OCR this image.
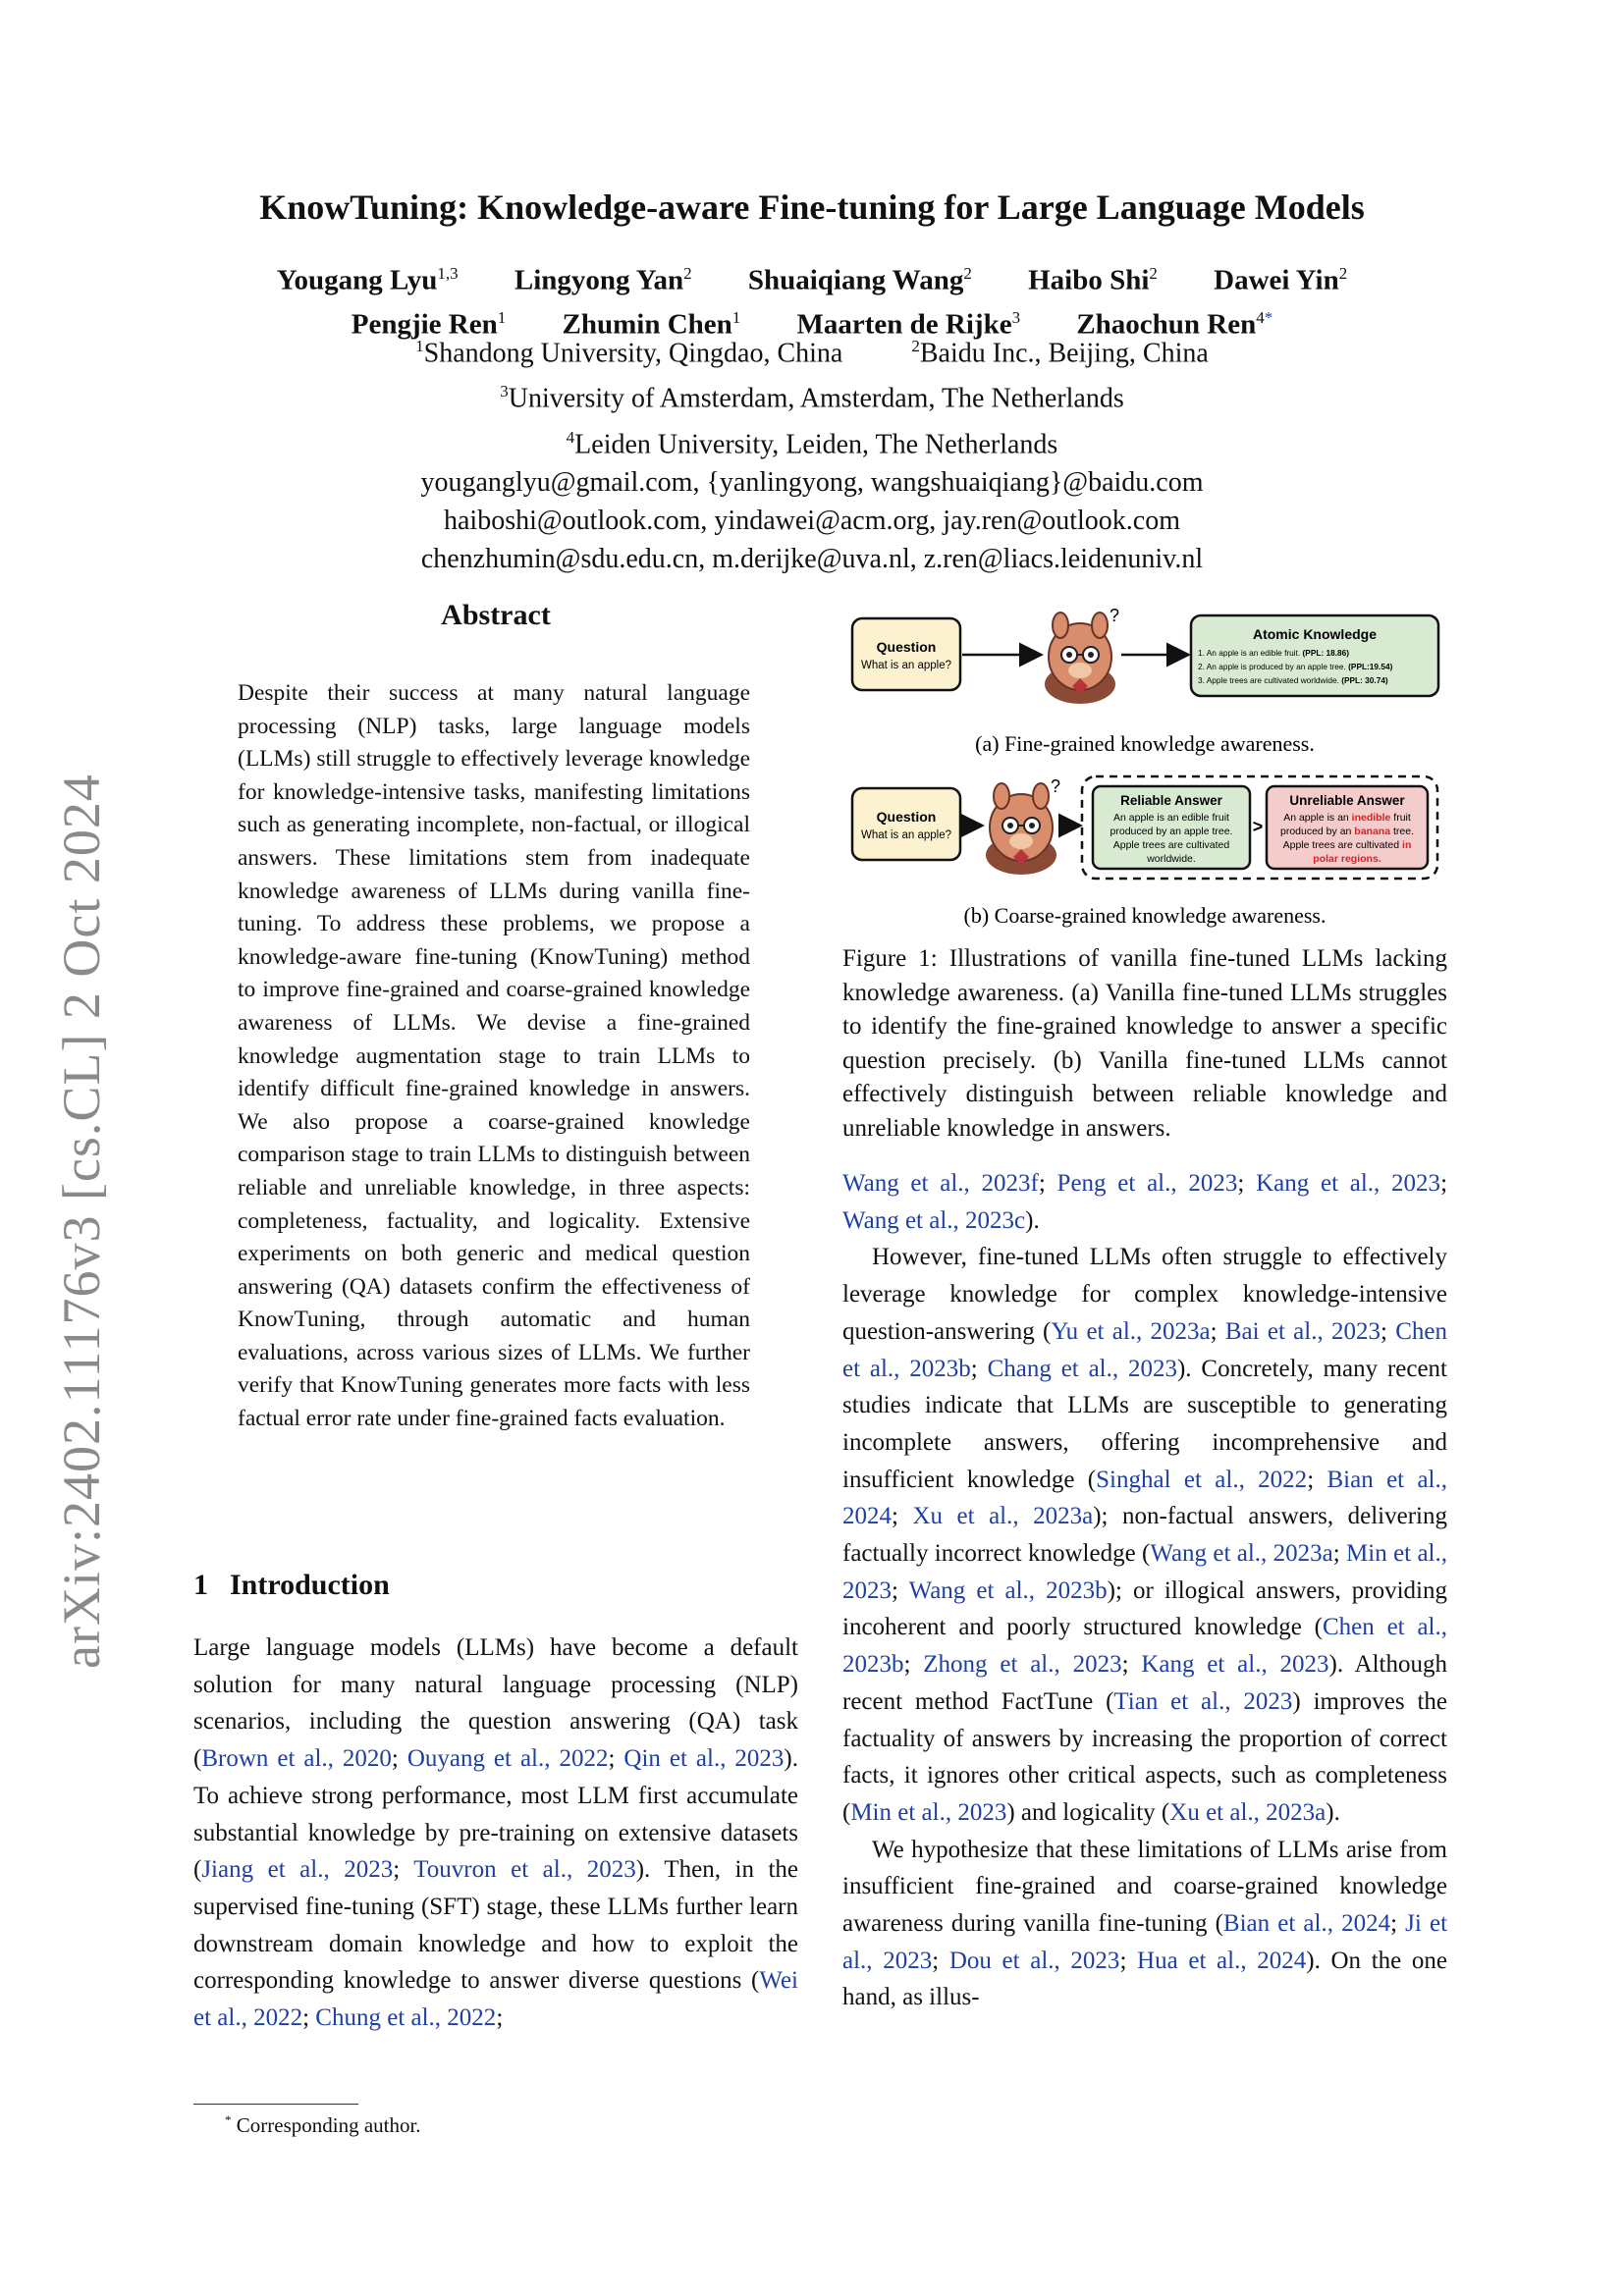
KnowTuning: Knowledge-aware Fine-tuning for Large Language Models
Yougang Lyu$^{1,3}$ Lingyong Yan$^2$ Shuaiqiang Wang$^2$ Haibo Shi$^2$ Dawei Yin$^2$
Pengjie Ren$^1$ Zhumin Chen$^1$ Maarten de Rijke$^3$ Zhaochun Ren$^{4*}$
$^1$Shandong University, Qingdao, China	$^2$Baidu Inc., Beijing, China
$^3$University of Amsterdam, Amsterdam, The Netherlands
$^4$Leiden University, Leiden, The Netherlands
youganglyu@gmail.com, {yanlingyong, wangshuaiqiang}@baidu.com
haiboshi@outlook.com, yindawei@acm.org, jay.ren@outlook.com
chenzhumin@sdu.edu.cn, m.derijke@uva.nl, z.ren@liacs.leidenuniv.nl
arXiv:2402.11176v3 [cs.CL] 2 Oct 2024
Abstract
Despite their success at many natural language processing (NLP) tasks, large language models (LLMs) still struggle to effectively leverage knowledge for knowledge-intensive tasks, manifesting limitations such as generating incomplete, non-factual, or illogical answers. These limitations stem from inadequate knowledge awareness of LLMs during vanilla fine-tuning. To address these problems, we propose a knowledge-aware fine-tuning (KnowTuning) method to improve fine-grained and coarse-grained knowledge awareness of LLMs. We devise a fine-grained knowledge augmentation stage to train LLMs to identify difficult fine-grained knowledge in answers. We also propose a coarse-grained knowledge comparison stage to train LLMs to distinguish between reliable and unreliable knowledge, in three aspects: completeness, factuality, and logicality. Extensive experiments on both generic and medical question answering (QA) datasets confirm the effectiveness of KnowTuning, through automatic and human evaluations, across various sizes of LLMs. We further verify that KnowTuning generates more facts with less factual error rate under fine-grained facts evaluation.
1 Introduction

Large language models (LLMs) have become a default solution for many natural language processing (NLP) scenarios, including the question answering (QA) task (Brown et al., 2020; Ouyang et al., 2022; Qin et al., 2023). To achieve strong performance, most LLM first accumulate substantial knowledge by pre-training on extensive datasets (Jiang et al., 2023; Touvron et al., 2023). Then, in the supervised fine-tuning (SFT) stage, these LLMs further learn downstream domain knowledge and how to exploit the corresponding knowledge to answer diverse questions (Wei et al., 2022; Chung et al., 2022;

* Corresponding author.
Question
What is an apple?
?
Atomic Knowledge
1. An apple is an edible fruit. (PPL: 18.86)
2. An apple is produced by an apple tree. (PPL:19.54)
3. Apple trees are cultivated worldwide. (PPL: 30.74)
(a) Fine-grained knowledge awareness.
Question
What is an apple?
?
Reliable Answer
An apple is an edible fruit
produced by an apple tree.
Apple trees are cultivated
worldwide.
>
Unreliable Answer
An apple is an inedible fruit
produced by an banana tree.
Apple trees are cultivated in
polar regions.
(b) Coarse-grained knowledge awareness.
Figure 1: Illustrations of vanilla fine-tuned LLMs lacking knowledge awareness. (a) Vanilla fine-tuned LLMs struggles to identify the fine-grained knowledge to answer a specific question precisely. (b) Vanilla fine-tuned LLMs cannot effectively distinguish between reliable knowledge and unreliable knowledge in answers.

Wang et al., 2023f; Peng et al., 2023; Kang et al., 2023; Wang et al., 2023c).

However, fine-tuned LLMs often struggle to effectively leverage knowledge for complex knowledge-intensive question-answering (Yu et al., 2023a; Bai et al., 2023; Chen et al., 2023b; Chang et al., 2023). Concretely, many recent studies indicate that LLMs are susceptible to generating incomplete answers, offering incomprehensive and insufficient knowledge (Singhal et al., 2022; Bian et al., 2024; Xu et al., 2023a); non-factual answers, delivering factually incorrect knowledge (Wang et al., 2023a; Min et al., 2023; Wang et al., 2023b); or illogical answers, providing incoherent and poorly structured knowledge (Chen et al., 2023b; Zhong et al., 2023; Kang et al., 2023). Although recent method FactTune (Tian et al., 2023) improves the factuality of answers by increasing the proportion of correct facts, it ignores other critical aspects, such as completeness (Min et al., 2023) and logicality (Xu et al., 2023a).

We hypothesize that these limitations of LLMs arise from insufficient fine-grained and coarse-grained knowledge awareness during vanilla fine-tuning (Bian et al., 2024; Ji et al., 2023; Dou et al., 2023; Hua et al., 2024). On the one hand, as illus-
